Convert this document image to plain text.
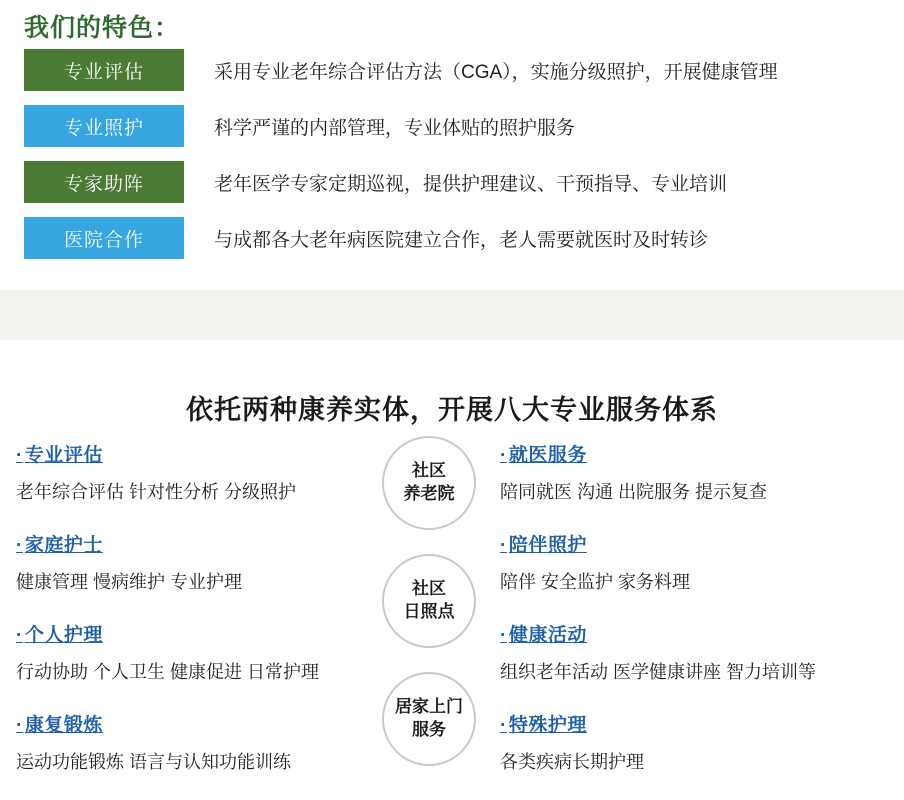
我们的特色：
专业评估	采用专业老年综合评估方法（CGA），实施分级照护，开展健康管理
专业照护	科学严谨的内部管理，专业体贴的照护服务
专家助阵	老年医学专家定期巡视，提供护理建议、干预指导、专业培训
医院合作	与成都各大老年病医院建立合作，老人需要就医时及时转诊
依托两种康养实体，开展八大专业服务体系
· 专业评估
老年综合评估 针对性分析 分级照护
· 家庭护士
健康管理 慢病维护 专业护理
· 个人护理
行动协助 个人卫生 健康促进 日常护理
· 康复锻炼
运动功能锻炼 语言与认知功能训练
· 就医服务
陪同就医 沟通 出院服务 提示复查
· 陪伴照护
陪伴 安全监护 家务料理
· 健康活动
组织老年活动 医学健康讲座 智力培训等
· 特殊护理
各类疾病长期护理
社区
养老院
社区
日照点
居家上门
服务
